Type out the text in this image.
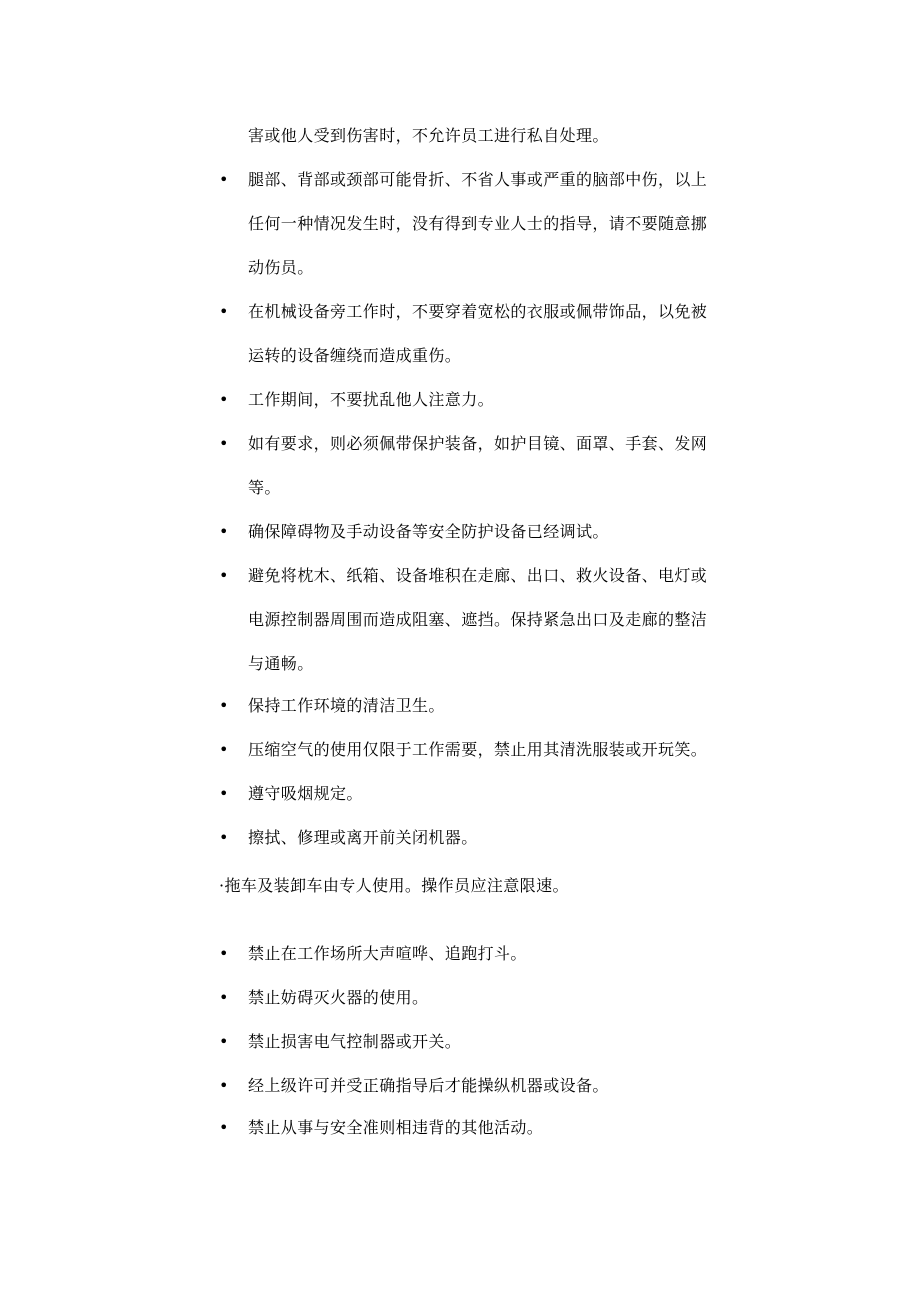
害或他人受到伤害时，不允许员工进行私自处理。
• 腿部、背部或颈部可能骨折、不省人事或严重的脑部中伤，以上
任何一种情况发生时，没有得到专业人士的指导，请不要随意挪
动伤员。
• 在机械设备旁工作时，不要穿着宽松的衣服或佩带饰品，以免被
运转的设备缠绕而造成重伤。
• 工作期间，不要扰乱他人注意力。
• 如有要求，则必须佩带保护装备，如护目镜、面罩、手套、发网
等。
• 确保障碍物及手动设备等安全防护设备已经调试。
• 避免将枕木、纸箱、设备堆积在走廊、出口、救火设备、电灯或
电源控制器周围而造成阻塞、遮挡。保持紧急出口及走廊的整洁
与通畅。
• 保持工作环境的清洁卫生。
• 压缩空气的使用仅限于工作需要，禁止用其清洗服装或开玩笑。
• 遵守吸烟规定。
• 擦拭、修理或离开前关闭机器。
·拖车及装卸车由专人使用。操作员应注意限速。
• 禁止在工作场所大声喧哗、追跑打斗。
• 禁止妨碍灭火器的使用。
• 禁止损害电气控制器或开关。
• 经上级许可并受正确指导后才能操纵机器或设备。
• 禁止从事与安全准则相违背的其他活动。
